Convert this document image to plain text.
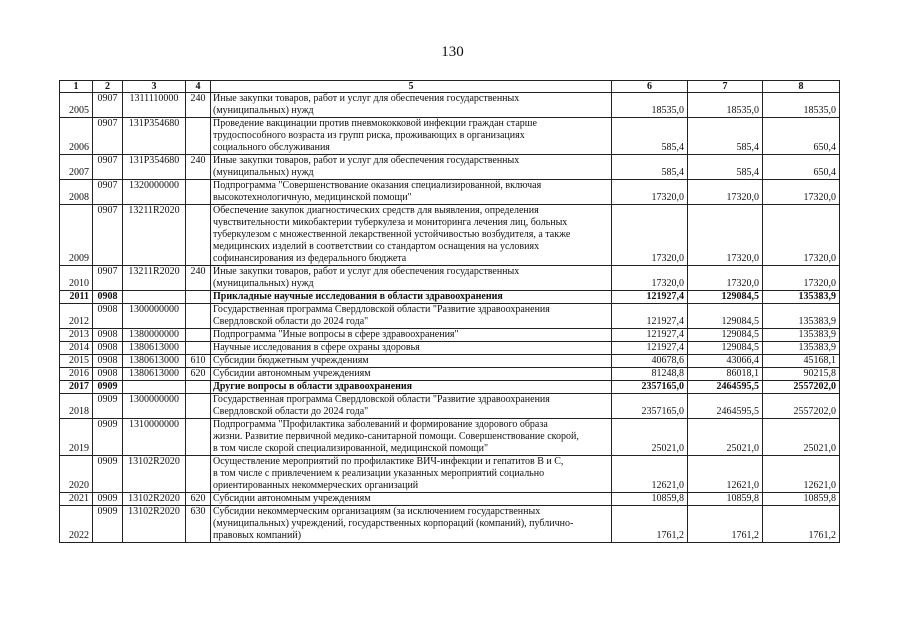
130
1	2	3	4	5	6	7	8
2005	0907	1311110000	240	Иные закупки товаров, работ и услуг для обеспечения государственных
(муниципальных) нужд	18535,0	18535,0	18535,0
2006	0907	131P354680		Проведение вакцинации против пневмококковой инфекции граждан старше
трудоспособного возраста из групп риска, проживающих в организациях
социального обслуживания	585,4	585,4	650,4
2007	0907	131P354680	240	Иные закупки товаров, работ и услуг для обеспечения государственных
(муниципальных) нужд	585,4	585,4	650,4
2008	0907	1320000000		Подпрограмма "Совершенствование оказания специализированной, включая
высокотехнологичную, медицинской помощи"	17320,0	17320,0	17320,0
2009	0907	13211R2020		Обеспечение закупок диагностических средств для выявления, определения
чувствительности микобактерии туберкулеза и мониторинга лечения лиц, больных
туберкулезом с множественной лекарственной устойчивостью возбудителя, а также
медицинских изделий в соответствии со стандартом оснащения на условиях
софинансирования из федерального бюджета	17320,0	17320,0	17320,0
2010	0907	13211R2020	240	Иные закупки товаров, работ и услуг для обеспечения государственных
(муниципальных) нужд	17320,0	17320,0	17320,0
2011	0908			Прикладные научные исследования в области здравоохранения	121927,4	129084,5	135383,9
2012	0908	1300000000		Государственная программа Свердловской области "Развитие здравоохранения
Свердловской области до 2024 года"	121927,4	129084,5	135383,9
2013	0908	1380000000		Подпрограмма "Иные вопросы в сфере здравоохранения"	121927,4	129084,5	135383,9
2014	0908	1380613000		Научные исследования в сфере охраны здоровья	121927,4	129084,5	135383,9
2015	0908	1380613000	610	Субсидии бюджетным учреждениям	40678,6	43066,4	45168,1
2016	0908	1380613000	620	Субсидии автономным учреждениям	81248,8	86018,1	90215,8
2017	0909			Другие вопросы в области здравоохранения	2357165,0	2464595,5	2557202,0
2018	0909	1300000000		Государственная программа Свердловской области "Развитие здравоохранения
Свердловской области до 2024 года"	2357165,0	2464595,5	2557202,0
2019	0909	1310000000		Подпрограмма "Профилактика заболеваний и формирование здорового образа
жизни. Развитие первичной медико-санитарной помощи. Совершенствование скорой,
в том числе скорой специализированной, медицинской помощи"	25021,0	25021,0	25021,0
2020	0909	13102R2020		Осуществление мероприятий по профилактике ВИЧ-инфекции и гепатитов В и С,
в том числе с привлечением к реализации указанных мероприятий социально
ориентированных некоммерческих организаций	12621,0	12621,0	12621,0
2021	0909	13102R2020	620	Субсидии автономным учреждениям	10859,8	10859,8	10859,8
2022	0909	13102R2020	630	Субсидии некоммерческим организациям (за исключением государственных
(муниципальных) учреждений, государственных корпораций (компаний), публично-
правовых компаний)	1761,2	1761,2	1761,2
